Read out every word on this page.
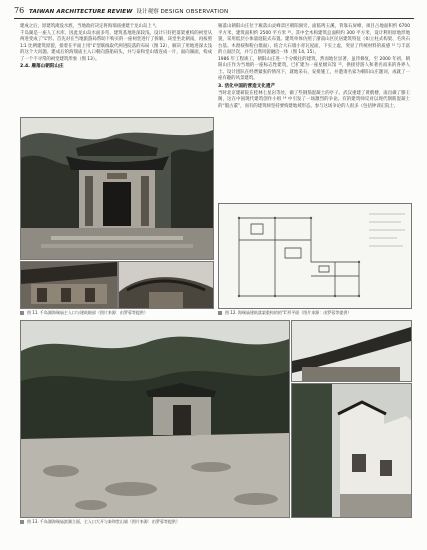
76 TAIWAN ARCHITECTURE REVIEW 设计观察 DESIGN OBSERVATION

建成之后，原建筑淹没水底，当地政府决定将海瑞庙重建于龙山岛上 ⁸。

千岛湖是一座人工水库，因此龙山岛水面多弯，建筑基地进深较浅，设计只好把落架重构的祠堂从两进变成了“L”形。首先对在当地旅游局帮助下购买的一座祠堂进行了拆解，该堂坐北朝南，再按照 1∶1 比例建筑原貌，接着在平面上用“L”型联线取代两进院落的布局（图 12），解决了用地进深太浅的这个大问题。建成后的海瑞庙主入口朝向游船码头，并与泰和堂山墙连成一片，面向湖面，构成了一个不寻常的祠堂建筑形象（图 13）。

2.4. 雁落山朝阳山庄

雁落山朝阳山庄位于雁落山灵峰景区朝阳洞旁，面临鸣玉溪，背靠石屏峰，项目占地面积约 6700 平方米，建筑面积约 2500 平方米 ¹⁰。其中全木构建筑总面积约 300 平方米，设计利用原地形地貌，采用低层小体量庭院式布置。建筑单体仿照了浙南山区民居建筑特征（如立柱式构架、毛块石台基、木窗棂和粉白墙面），结合大石墙小青瓦屋面，下实上虚，突显了传统材料的质感 ¹¹ 与丰富的立面层次，并与自然风貌融洽一体（图 14, 15）。

1986 年工程竣工，朝阳山庄进一个分级往的建筑，然而地位显著，虽待修复，至 2000 年初，朝阳山庄作为当地的一座标志性建筑，已扩建为一座星级宾馆 ¹²，供接待游人和著名而来的各界人士。设计团队在经费紧张的情况下，就地采石，安排施工，并邀请名家为朝阳山庄题词，成就了一座有趣的风景建筑。

3. 活化中国的营造文化遗产

当时北京建研院在桂林七星岩等处，做了些钢筋混凝土的亭子。武汉重建了黄鹤楼，南昌做了滕王阁，这在中国现代建筑创作小组 ¹⁴ 中引发了一场激烈的争论。有的建筑师反对以现代钢筋混凝土的“假古董”，而有的建筑师坚持要构建地域形态。参与这场争论的人很多（包括钟训正院士、

图 11. 千岛湖海瑞庙主入口与建筑细部（图片来源：由罗蓉等提供）	图 12. 海瑞庙建筑落架重构的的“L”形平面（图片来源：由罗蓉等提供）
图 13. 千岛湖海瑞庙滨湖立面，主入口大开与泰和堂山墙（图片来源：由罗蓉等提供）
